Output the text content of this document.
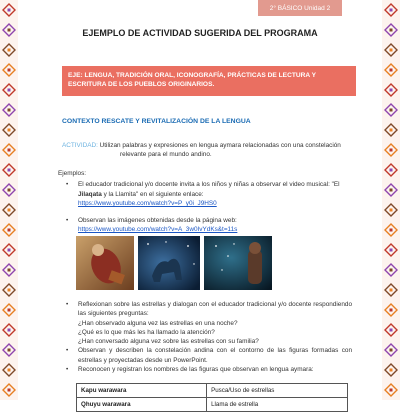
2° BÁSICO Unidad 2
EJEMPLO DE ACTIVIDAD SUGERIDA DEL PROGRAMA
EJE: LENGUA, TRADICIÓN ORAL, ICONOGRAFÍA, PRÁCTICAS DE LECTURA Y ESCRITURA DE LOS PUEBLOS ORIGINARIOS.
CONTEXTO RESCATE Y REVITALIZACIÓN DE LA LENGUA
ACTIVIDAD: Utilizan palabras y expresiones en lengua aymara relacionadas con una constelación
relevante para el mundo andino.
Ejemplos:
• El educador tradicional y/o docente invita a los niños y niñas a observar el video musical: "El Jilaqata y la Llamita" en el siguiente enlace:
https://www.youtube.com/watch?v=P_y0i_J9HS0
• Observan las imágenes obtenidas desde la página web:
https://www.youtube.com/watch?v=A_3w0IvYdKs&t=11s
• Reflexionan sobre las estrellas y dialogan con el educador tradicional y/o docente respondiendo las siguientes preguntas:
¿Han observado alguna vez las estrellas en una noche?
¿Qué es lo que más les ha llamado la atención?
¿Han conversado alguna vez sobre las estrellas con su familia?
• Observan y describen la constelación andina con el contorno de las figuras formadas con estrellas y proyectadas desde un PowerPoint.
• Reconocen y registran los nombres de las figuras que observan en lengua aymara:
Kapu warawara	Pusca/Uso de estrellas
Qhuyu warawara	Llama de estrella
